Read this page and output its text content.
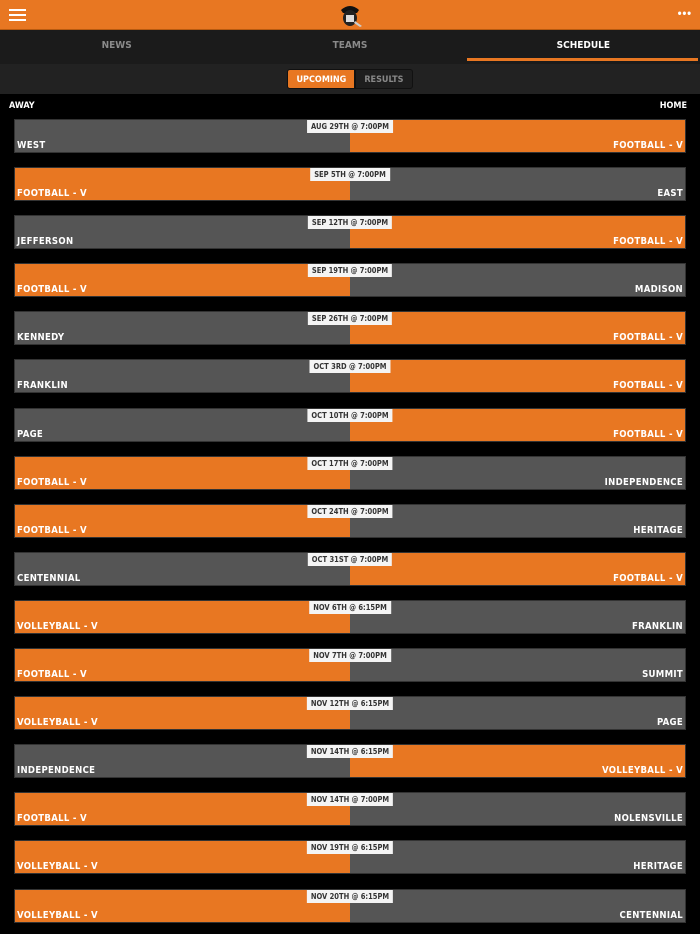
•••
NEWS	TEAMS	SCHEDULE
UPCOMING	RESULTS
AWAY	HOME
AUG 29TH @ 7:00PM
WEST	FOOTBALL - V
SEP 5TH @ 7:00PM
FOOTBALL - V	EAST
SEP 12TH @ 7:00PM
JEFFERSON	FOOTBALL - V
SEP 19TH @ 7:00PM
FOOTBALL - V	MADISON
SEP 26TH @ 7:00PM
KENNEDY	FOOTBALL - V
OCT 3RD @ 7:00PM
FRANKLIN	FOOTBALL - V
OCT 10TH @ 7:00PM
PAGE	FOOTBALL - V
OCT 17TH @ 7:00PM
FOOTBALL - V	INDEPENDENCE
OCT 24TH @ 7:00PM
FOOTBALL - V	HERITAGE
OCT 31ST @ 7:00PM
CENTENNIAL	FOOTBALL - V
NOV 6TH @ 6:15PM
VOLLEYBALL - V	FRANKLIN
NOV 7TH @ 7:00PM
FOOTBALL - V	SUMMIT
NOV 12TH @ 6:15PM
VOLLEYBALL - V	PAGE
NOV 14TH @ 6:15PM
INDEPENDENCE	VOLLEYBALL - V
NOV 14TH @ 7:00PM
FOOTBALL - V	NOLENSVILLE
NOV 19TH @ 6:15PM
VOLLEYBALL - V	HERITAGE
NOV 20TH @ 6:15PM
VOLLEYBALL - V	CENTENNIAL
